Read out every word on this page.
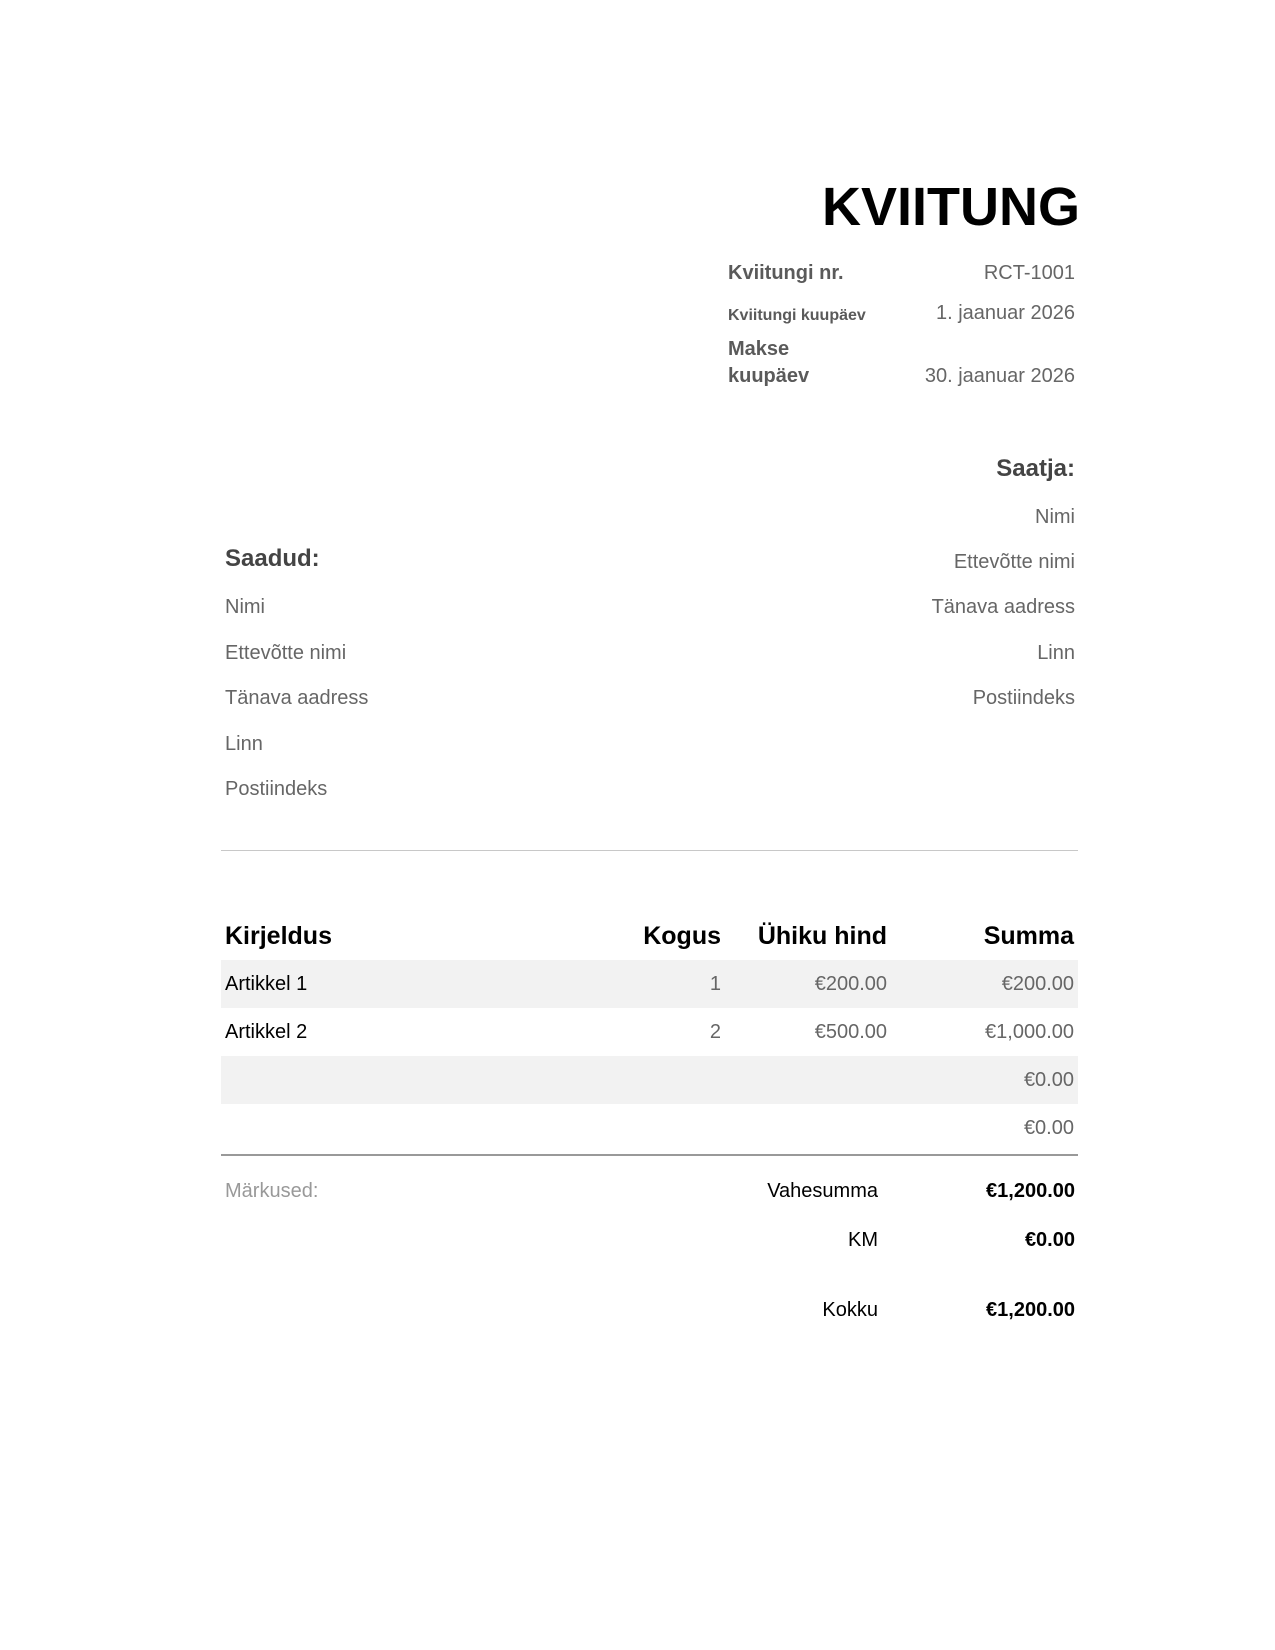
KVIITUNG
Kviitungi nr.	RCT-1001
Kviitungi kuupäev	1. jaanuar 2026
Makse
kuupäev	30. jaanuar 2026
Saatja:
Nimi
Ettevõtte nimi
Tänava aadress
Linn
Postiindeks
Saadud:
Nimi
Ettevõtte nimi
Tänava aadress
Linn
Postiindeks
Kirjeldus	Kogus	Ühiku hind	Summa
Artikkel 1	1	€200.00	€200.00
Artikkel 2	2	€500.00	€1,000.00
			€0.00
			€0.00
Märkused:	Vahesumma	€1,200.00
KM	€0.00
Kokku	€1,200.00
